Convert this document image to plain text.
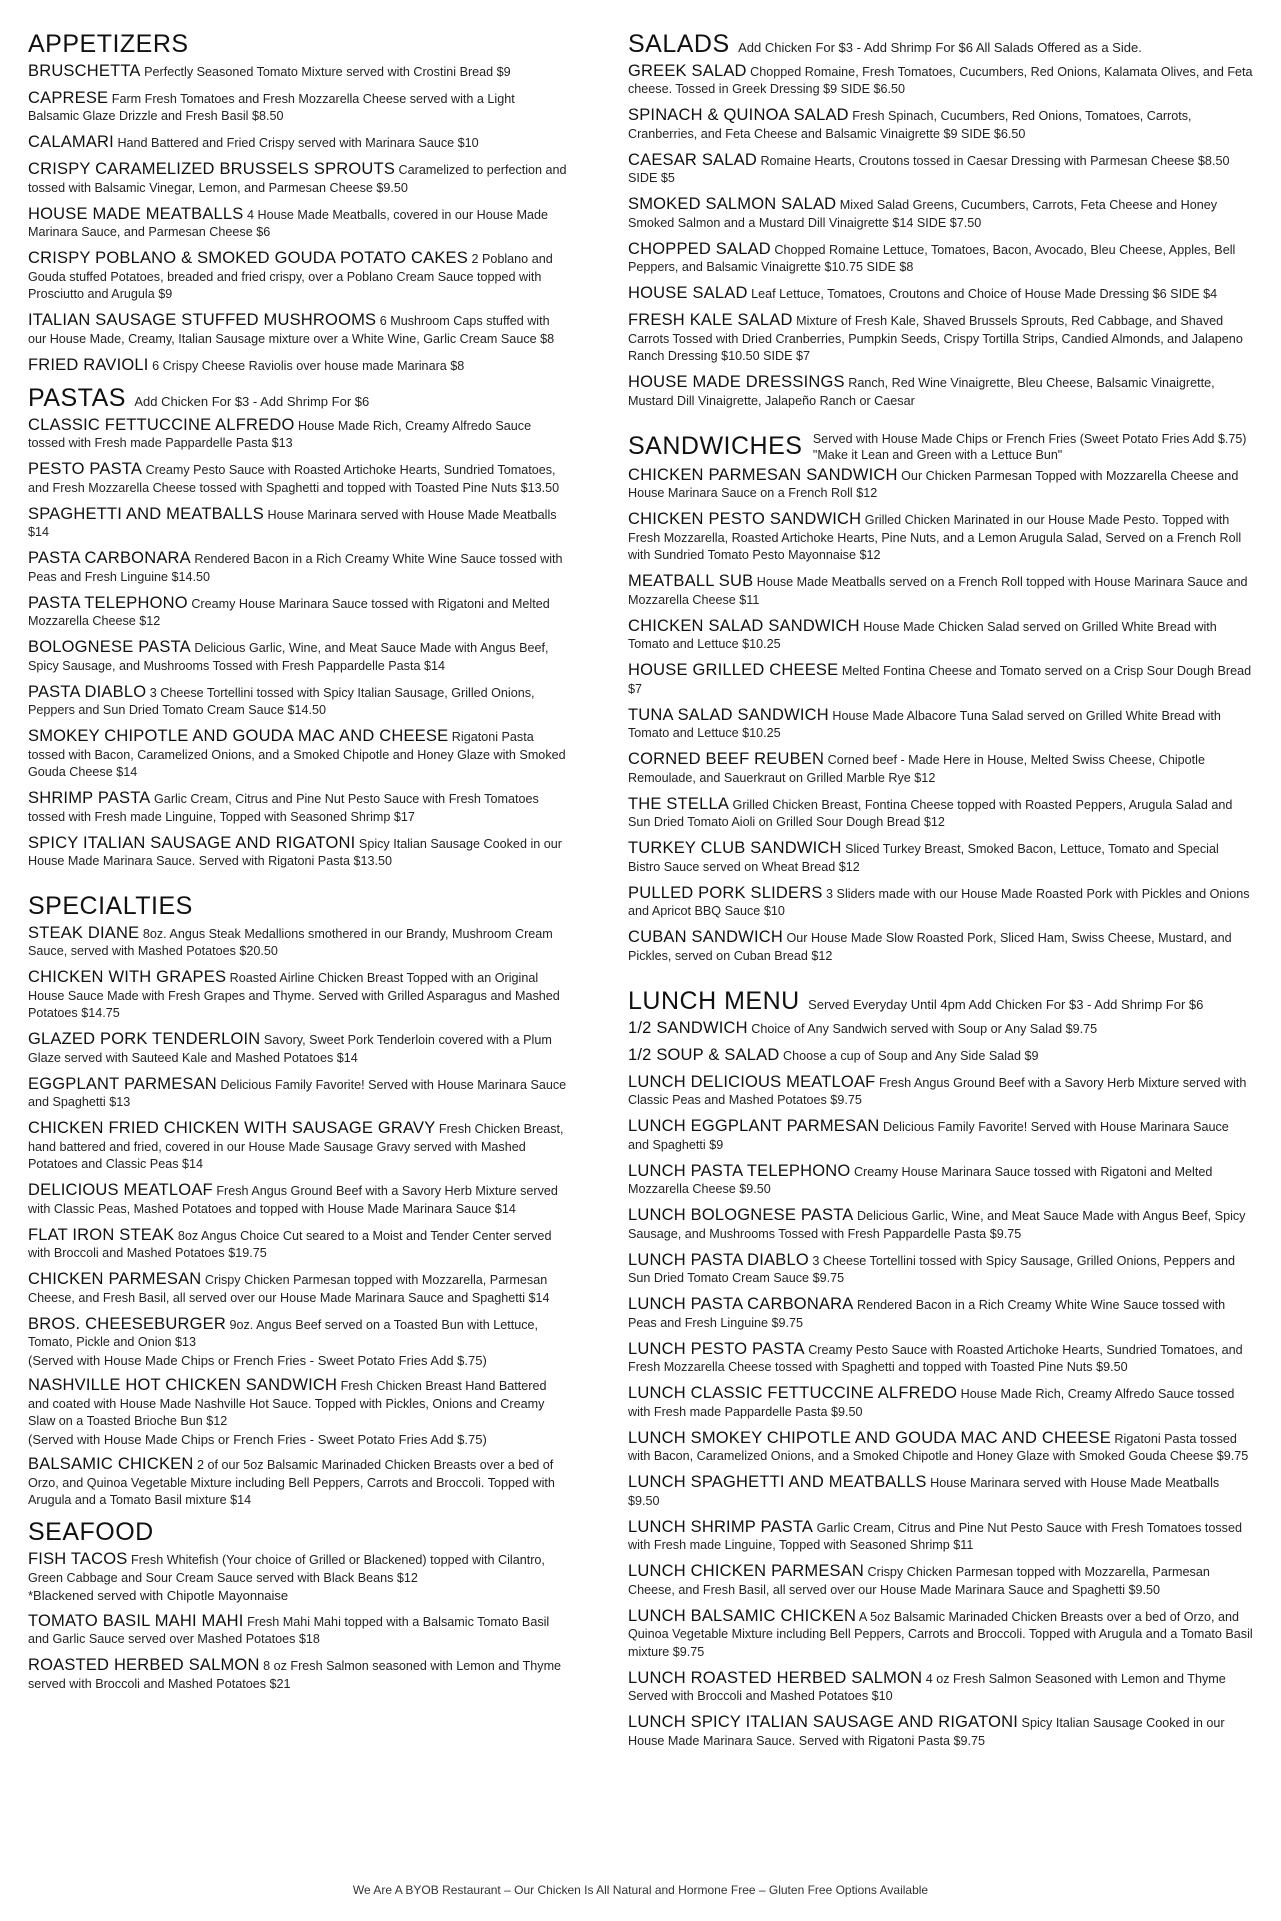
APPETIZERS
BRUSCHETTA Perfectly Seasoned Tomato Mixture served with Crostini Bread $9
CAPRESE Farm Fresh Tomatoes and Fresh Mozzarella Cheese served with a Light Balsamic Glaze Drizzle and Fresh Basil $8.50
CALAMARI Hand Battered and Fried Crispy served with Marinara Sauce $10
CRISPY CARAMELIZED BRUSSELS SPROUTS Caramelized to perfection and tossed with Balsamic Vinegar, Lemon, and Parmesan Cheese $9.50
HOUSE MADE MEATBALLS 4 House Made Meatballs, covered in our House Made Marinara Sauce, and Parmesan Cheese $6
CRISPY POBLANO & SMOKED GOUDA POTATO CAKES 2 Poblano and Gouda stuffed Potatoes, breaded and fried crispy, over a Poblano Cream Sauce topped with Prosciutto and Arugula $9
ITALIAN SAUSAGE STUFFED MUSHROOMS 6 Mushroom Caps stuffed with our House Made, Creamy, Italian Sausage mixture over a White Wine, Garlic Cream Sauce $8
FRIED RAVIOLI 6 Crispy Cheese Raviolis over house made Marinara $8
PASTAS Add Chicken For $3 - Add Shrimp For $6
CLASSIC FETTUCCINE ALFREDO House Made Rich, Creamy Alfredo Sauce tossed with Fresh made Pappardelle Pasta $13
PESTO PASTA Creamy Pesto Sauce with Roasted Artichoke Hearts, Sundried Tomatoes, and Fresh Mozzarella Cheese tossed with Spaghetti and topped with Toasted Pine Nuts $13.50
SPAGHETTI AND MEATBALLS House Marinara served with House Made Meatballs $14
PASTA CARBONARA Rendered Bacon in a Rich Creamy White Wine Sauce tossed with Peas and Fresh Linguine $14.50
PASTA TELEPHONO Creamy House Marinara Sauce tossed with Rigatoni and Melted Mozzarella Cheese $12
BOLOGNESE PASTA Delicious Garlic, Wine, and Meat Sauce Made with Angus Beef, Spicy Sausage, and Mushrooms Tossed with Fresh Pappardelle Pasta $14
PASTA DIABLO 3 Cheese Tortellini tossed with Spicy Italian Sausage, Grilled Onions, Peppers and Sun Dried Tomato Cream Sauce $14.50
SMOKEY CHIPOTLE AND GOUDA MAC AND CHEESE Rigatoni Pasta tossed with Bacon, Caramelized Onions, and a Smoked Chipotle and Honey Glaze with Smoked Gouda Cheese $14
SHRIMP PASTA Garlic Cream, Citrus and Pine Nut Pesto Sauce with Fresh Tomatoes tossed with Fresh made Linguine, Topped with Seasoned Shrimp $17
SPICY ITALIAN SAUSAGE AND RIGATONI Spicy Italian Sausage Cooked in our House Made Marinara Sauce. Served with Rigatoni Pasta $13.50
SPECIALTIES
STEAK DIANE 8oz. Angus Steak Medallions smothered in our Brandy, Mushroom Cream Sauce, served with Mashed Potatoes $20.50
CHICKEN WITH GRAPES Roasted Airline Chicken Breast Topped with an Original House Sauce Made with Fresh Grapes and Thyme. Served with Grilled Asparagus and Mashed Potatoes $14.75
GLAZED PORK TENDERLOIN Savory, Sweet Pork Tenderloin covered with a Plum Glaze served with Sauteed Kale and Mashed Potatoes $14
EGGPLANT PARMESAN Delicious Family Favorite! Served with House Marinara Sauce and Spaghetti $13
CHICKEN FRIED CHICKEN WITH SAUSAGE GRAVY Fresh Chicken Breast, hand battered and fried, covered in our House Made Sausage Gravy served with Mashed Potatoes and Classic Peas $14
DELICIOUS MEATLOAF Fresh Angus Ground Beef with a Savory Herb Mixture served with Classic Peas, Mashed Potatoes and topped with House Made Marinara Sauce $14
FLAT IRON STEAK 8oz Angus Choice Cut seared to a Moist and Tender Center served with Broccoli and Mashed Potatoes $19.75
CHICKEN PARMESAN Crispy Chicken Parmesan topped with Mozzarella, Parmesan Cheese, and Fresh Basil, all served over our House Made Marinara Sauce and Spaghetti $14
BROS. CHEESEBURGER 9oz. Angus Beef served on a Toasted Bun with Lettuce, Tomato, Pickle and Onion $13
(Served with House Made Chips or French Fries - Sweet Potato Fries Add $.75)
NASHVILLE HOT CHICKEN SANDWICH Fresh Chicken Breast Hand Battered and coated with House Made Nashville Hot Sauce. Topped with Pickles, Onions and Creamy Slaw on a Toasted Brioche Bun $12
(Served with House Made Chips or French Fries - Sweet Potato Fries Add $.75)
BALSAMIC CHICKEN 2 of our 5oz Balsamic Marinaded Chicken Breasts over a bed of Orzo, and Quinoa Vegetable Mixture including Bell Peppers, Carrots and Broccoli. Topped with Arugula and a Tomato Basil mixture $14
SEAFOOD
FISH TACOS Fresh Whitefish (Your choice of Grilled or Blackened) topped with Cilantro, Green Cabbage and Sour Cream Sauce served with Black Beans $12
*Blackened served with Chipotle Mayonnaise
TOMATO BASIL MAHI MAHI Fresh Mahi Mahi topped with a Balsamic Tomato Basil and Garlic Sauce served over Mashed Potatoes $18
ROASTED HERBED SALMON 8 oz Fresh Salmon seasoned with Lemon and Thyme served with Broccoli and Mashed Potatoes $21
SALADS Add Chicken For $3 - Add Shrimp For $6 All Salads Offered as a Side.
GREEK SALAD Chopped Romaine, Fresh Tomatoes, Cucumbers, Red Onions, Kalamata Olives, and Feta cheese. Tossed in Greek Dressing $9 SIDE $6.50
SPINACH & QUINOA SALAD Fresh Spinach, Cucumbers, Red Onions, Tomatoes, Carrots, Cranberries, and Feta Cheese and Balsamic Vinaigrette $9 SIDE $6.50
CAESAR SALAD Romaine Hearts, Croutons tossed in Caesar Dressing with Parmesan Cheese $8.50 SIDE $5
SMOKED SALMON SALAD Mixed Salad Greens, Cucumbers, Carrots, Feta Cheese and Honey Smoked Salmon and a Mustard Dill Vinaigrette $14 SIDE $7.50
CHOPPED SALAD Chopped Romaine Lettuce, Tomatoes, Bacon, Avocado, Bleu Cheese, Apples, Bell Peppers, and Balsamic Vinaigrette $10.75 SIDE $8
HOUSE SALAD Leaf Lettuce, Tomatoes, Croutons and Choice of House Made Dressing $6 SIDE $4
FRESH KALE SALAD Mixture of Fresh Kale, Shaved Brussels Sprouts, Red Cabbage, and Shaved Carrots Tossed with Dried Cranberries, Pumpkin Seeds, Crispy Tortilla Strips, Candied Almonds, and Jalapeno Ranch Dressing $10.50 SIDE $7
HOUSE MADE DRESSINGS Ranch, Red Wine Vinaigrette, Bleu Cheese, Balsamic Vinaigrette, Mustard Dill Vinaigrette, Jalapeño Ranch or Caesar
SANDWICHES Served with House Made Chips or French Fries (Sweet Potato Fries Add $.75)
"Make it Lean and Green with a Lettuce Bun"
CHICKEN PARMESAN SANDWICH Our Chicken Parmesan Topped with Mozzarella Cheese and House Marinara Sauce on a French Roll $12
CHICKEN PESTO SANDWICH Grilled Chicken Marinated in our House Made Pesto. Topped with Fresh Mozzarella, Roasted Artichoke Hearts, Pine Nuts, and a Lemon Arugula Salad, Served on a French Roll with Sundried Tomato Pesto Mayonnaise $12
MEATBALL SUB House Made Meatballs served on a French Roll topped with House Marinara Sauce and Mozzarella Cheese $11
CHICKEN SALAD SANDWICH House Made Chicken Salad served on Grilled White Bread with Tomato and Lettuce $10.25
HOUSE GRILLED CHEESE Melted Fontina Cheese and Tomato served on a Crisp Sour Dough Bread $7
TUNA SALAD SANDWICH House Made Albacore Tuna Salad served on Grilled White Bread with Tomato and Lettuce $10.25
CORNED BEEF REUBEN Corned beef - Made Here in House, Melted Swiss Cheese, Chipotle Remoulade, and Sauerkraut on Grilled Marble Rye $12
THE STELLA Grilled Chicken Breast, Fontina Cheese topped with Roasted Peppers, Arugula Salad and Sun Dried Tomato Aioli on Grilled Sour Dough Bread $12
TURKEY CLUB SANDWICH Sliced Turkey Breast, Smoked Bacon, Lettuce, Tomato and Special Bistro Sauce served on Wheat Bread $12
PULLED PORK SLIDERS 3 Sliders made with our House Made Roasted Pork with Pickles and Onions and Apricot BBQ Sauce $10
CUBAN SANDWICH Our House Made Slow Roasted Pork, Sliced Ham, Swiss Cheese, Mustard, and Pickles, served on Cuban Bread $12
LUNCH MENU Served Everyday Until 4pm Add Chicken For $3 - Add Shrimp For $6
1/2 SANDWICH Choice of Any Sandwich served with Soup or Any Salad $9.75
1/2 SOUP & SALAD Choose a cup of Soup and Any Side Salad $9
LUNCH DELICIOUS MEATLOAF Fresh Angus Ground Beef with a Savory Herb Mixture served with Classic Peas and Mashed Potatoes $9.75
LUNCH EGGPLANT PARMESAN Delicious Family Favorite! Served with House Marinara Sauce and Spaghetti $9
LUNCH PASTA TELEPHONO Creamy House Marinara Sauce tossed with Rigatoni and Melted Mozzarella Cheese $9.50
LUNCH BOLOGNESE PASTA Delicious Garlic, Wine, and Meat Sauce Made with Angus Beef, Spicy Sausage, and Mushrooms Tossed with Fresh Pappardelle Pasta $9.75
LUNCH PASTA DIABLO 3 Cheese Tortellini tossed with Spicy Sausage, Grilled Onions, Peppers and Sun Dried Tomato Cream Sauce $9.75
LUNCH PASTA CARBONARA Rendered Bacon in a Rich Creamy White Wine Sauce tossed with Peas and Fresh Linguine $9.75
LUNCH PESTO PASTA Creamy Pesto Sauce with Roasted Artichoke Hearts, Sundried Tomatoes, and Fresh Mozzarella Cheese tossed with Spaghetti and topped with Toasted Pine Nuts $9.50
LUNCH CLASSIC FETTUCCINE ALFREDO House Made Rich, Creamy Alfredo Sauce tossed with Fresh made Pappardelle Pasta $9.50
LUNCH SMOKEY CHIPOTLE AND GOUDA MAC AND CHEESE Rigatoni Pasta tossed with Bacon, Caramelized Onions, and a Smoked Chipotle and Honey Glaze with Smoked Gouda Cheese $9.75
LUNCH SPAGHETTI AND MEATBALLS House Marinara served with House Made Meatballs $9.50
LUNCH SHRIMP PASTA Garlic Cream, Citrus and Pine Nut Pesto Sauce with Fresh Tomatoes tossed with Fresh made Linguine, Topped with Seasoned Shrimp $11
LUNCH CHICKEN PARMESAN Crispy Chicken Parmesan topped with Mozzarella, Parmesan Cheese, and Fresh Basil, all served over our House Made Marinara Sauce and Spaghetti $9.50
LUNCH BALSAMIC CHICKEN A 5oz Balsamic Marinaded Chicken Breasts over a bed of Orzo, and Quinoa Vegetable Mixture including Bell Peppers, Carrots and Broccoli. Topped with Arugula and a Tomato Basil mixture $9.75
LUNCH ROASTED HERBED SALMON 4 oz Fresh Salmon Seasoned with Lemon and Thyme Served with Broccoli and Mashed Potatoes $10
LUNCH SPICY ITALIAN SAUSAGE AND RIGATONI Spicy Italian Sausage Cooked in our House Made Marinara Sauce. Served with Rigatoni Pasta $9.75
We Are A BYOB Restaurant – Our Chicken Is All Natural and Hormone Free – Gluten Free Options Available
